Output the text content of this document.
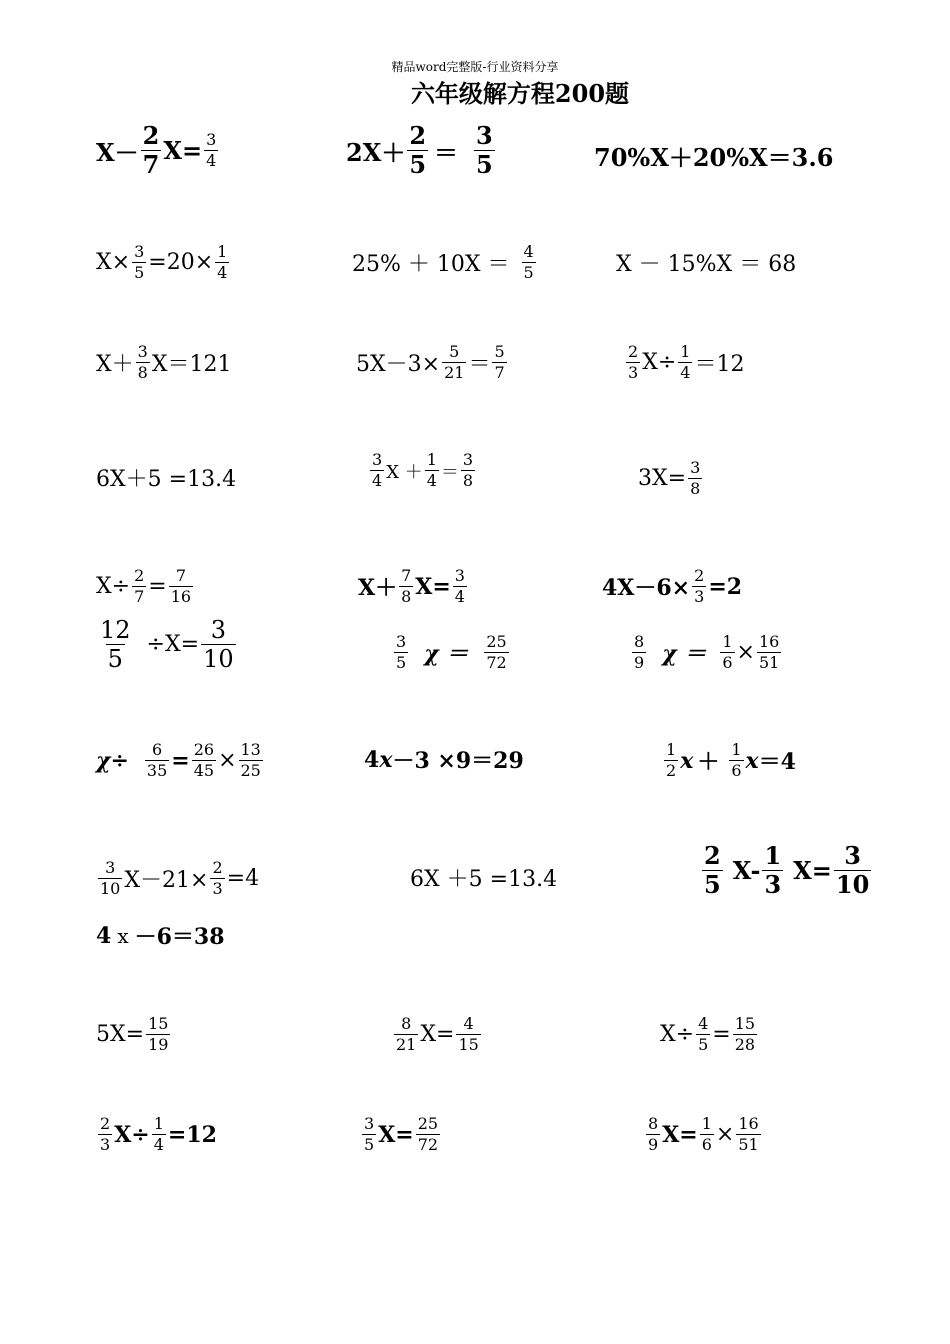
精品word完整版-行业资料分享
六年级解方程200题
$X- \frac{2}{7} X= \frac{3}{4}$	$2X+ \frac{2}{5} = \frac{3}{5}$	70%X＋20%X＝3.6
$X\times \frac{3}{5} =20\times \frac{1}{4}$	$25\% + 10X = \frac{4}{5}$	X － 15%X ＝ 68
$X+ \frac{3}{8} X=121$	$5X-3\times \frac{5}{21} = \frac{5}{7}$	$\frac{2}{3} X\div \frac{1}{4} =12$
6X＋5 =13.4	$\frac{3}{4}$ $X + \frac{1}{4} = \frac{3}{8}$	$3X= \frac{3}{8}$
$X\div \frac{2}{7} = \frac{7}{16}$	$X+ \frac{7}{8} X= \frac{3}{4}$	$4X-6\times \frac{2}{3} =2$
$\frac{12}{5} \div X= \frac{3}{10}$	$\frac{3}{5}$ $\chi = \frac{25}{72}$	$\frac{8}{9}$ $\chi = \frac{1}{6} \times \frac{16}{51}$
$\chi\div \frac{6}{35} = \frac{26}{45} \times \frac{13}{25}$	4 x －3 ×9＝29	$\frac{1}{2}$ $x + \frac{1}{6}$ x ＝4
$\frac{3}{10} X-21\times \frac{2}{3} =4$	6X ＋5 =13.4	$\frac{2}{5} X- \frac{1}{3} X= \frac{3}{10}$
4 x －6＝38
$5X= \frac{15}{19}$	$\frac{8}{21} X= \frac{4}{15}$	$X\div \frac{4}{5} = \frac{15}{28}$
$\frac{2}{3} X\div \frac{1}{4} =12$	$\frac{3}{5} X= \frac{25}{72}$	$\frac{8}{9} X= \frac{1}{6} \times \frac{16}{51}$
